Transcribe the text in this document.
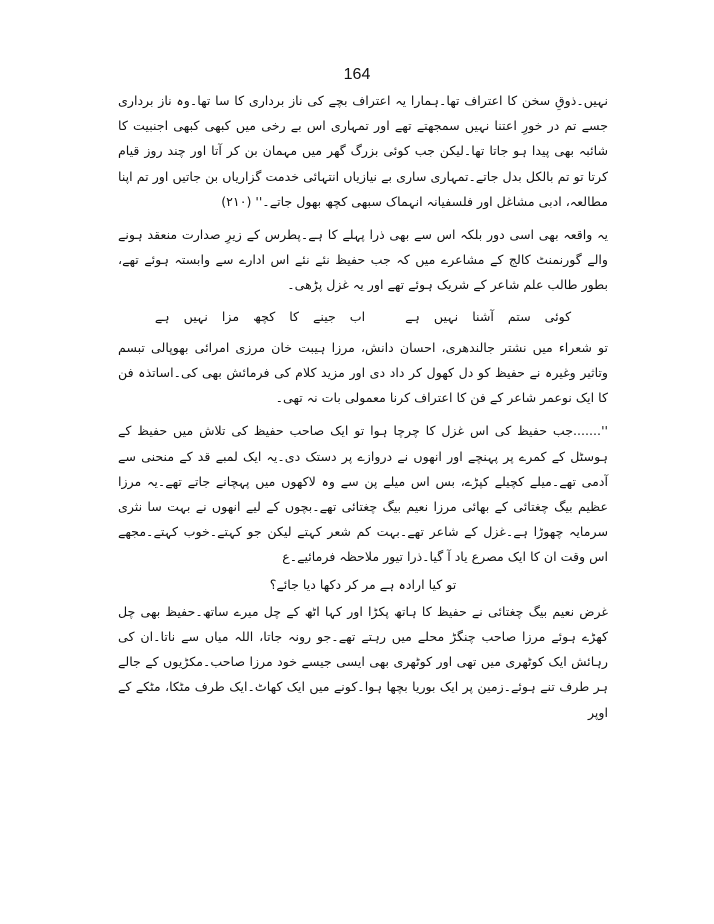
164

نہیں۔ذوقِ سخن کا اعتراف تھا۔ہمارا یہ اعتراف بچے کی ناز برداری کا سا تھا۔وہ ناز برداری جسے تم در خورِ اعتنا نہیں سمجھتے تھے اور تمہاری اس بے رخی میں کبھی کبھی اجنبیت کا شائبہ بھی پیدا ہو جاتا تھا۔لیکن جب کوئی بزرگ گھر میں مہمان بن کر آتا اور چند روز قیام کرتا تو تم بالکل بدل جاتے۔تمہاری ساری بے نیازیاں انتہائی خدمت گزاریاں بن جاتیں اور تم اپنا مطالعہ، ادبی مشاغل اور فلسفیانہ انہماک سبھی کچھ بھول جاتے۔'' (۲۱۰)

یہ واقعہ بھی اسی دور بلکہ اس سے بھی ذرا پہلے کا ہے۔پطرس کے زیرِ صدارت منعقد ہونے والے گورنمنٹ کالج کے مشاعرے میں کہ جب حفیظ نئے نئے اس ادارے سے وابستہ ہوئے تھے، بطور طالب علم شاعر کے شریک ہوئے تھے اور یہ غزل پڑھی۔

کوئی ستم آشنا نہیں ہےاب جینے کا کچھ مزا نہیں ہے

تو شعراء میں نشتر جالندھری، احسان دانش، مرزا ہیبت خان مرزی امرائی بھوپالی تبسم وتاثیر وغیرہ نے حفیظ کو دل کھول کر داد دی اور مزید کلام کی فرمائش بھی کی۔اساتذہ فن کا ایک نوعمر شاعر کے فن کا اعتراف کرنا معمولی بات نہ تھی۔

''.......جب حفیظ کی اس غزل کا چرچا ہوا تو ایک صاحب حفیظ کی تلاش میں حفیظ کے ہوسٹل کے کمرے پر پہنچے اور انھوں نے دروازے پر دستک دی۔یہ ایک لمبے قد کے منحنی سے آدمی تھے۔میلے کچیلے کپڑے، بس اس میلے پن سے وہ لاکھوں میں پہچانے جاتے تھے۔یہ مرزا عظیم بیگ چغتائی کے بھائی مرزا نعیم بیگ چغتائی تھے۔بچوں کے لیے انھوں نے بہت سا نثری سرمایہ چھوڑا ہے۔غزل کے شاعر تھے۔بہت کم شعر کہتے لیکن جو کہتے۔خوب کہتے۔مجھے اس وقت ان کا ایک مصرع یاد آ گیا۔ذرا تیور ملاحظہ فرمائیے۔ع

تو کیا ارادہ ہے مر کر دکھا دیا جائے؟

غرض نعیم بیگ چغتائی نے حفیظ کا ہاتھ پکڑا اور کہا اٹھ کے چل میرے ساتھ۔حفیظ بھی چل کھڑے ہوئے مرزا صاحب چنگڑ محلے میں رہتے تھے۔جو رونہ جاتا، اللہ میاں سے ناتا۔ان کی رہائش ایک کوٹھری میں تھی اور کوٹھری بھی ایسی جیسے خود مرزا صاحب۔مکڑیوں کے جالے ہر طرف تنے ہوئے۔زمین پر ایک بوریا بچھا ہوا۔کونے میں ایک کھاٹ۔ایک طرف مٹکا، مٹکے کے اوپر
